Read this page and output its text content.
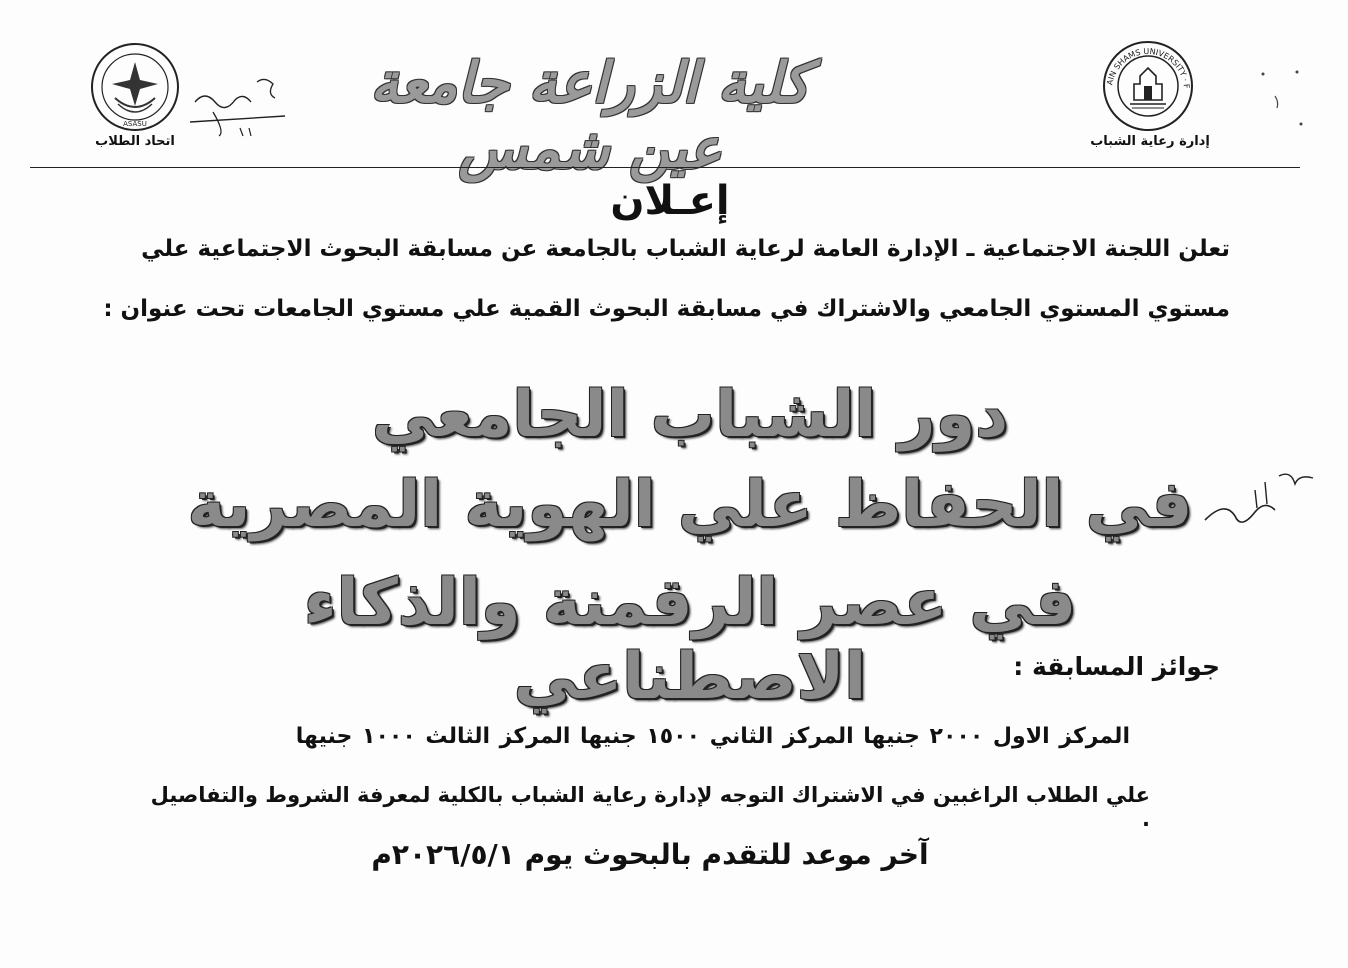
AIN SHAMS UNIVERSITY · F
إدارة رعاية الشباب
كلية الزراعة جامعة عين شمس
ASASU
اتحاد الطلاب
إعـلان
تعلن اللجنة الاجتماعية ـ الإدارة العامة لرعاية الشباب بالجامعة عن مسابقة البحوث الاجتماعية علي
مستوي المستوي الجامعي والاشتراك في مسابقة البحوث القمية علي مستوي الجامعات تحت عنوان :
دور الشباب الجامعي
في الحفاظ علي الهوية المصرية
في عصر الرقمنة والذكاء الاصطناعي	جوائز المسابقة :
المركز الاول ٢٠٠٠ جنيها المركز الثاني ١٥٠٠ جنيها المركز الثالث ١٠٠٠ جنيها
علي الطلاب الراغبين في الاشتراك التوجه لإدارة رعاية الشباب بالكلية لمعرفة الشروط والتفاصيل .
آخر موعد للتقدم بالبحوث يوم ٢٠٢٦/٥/١م
